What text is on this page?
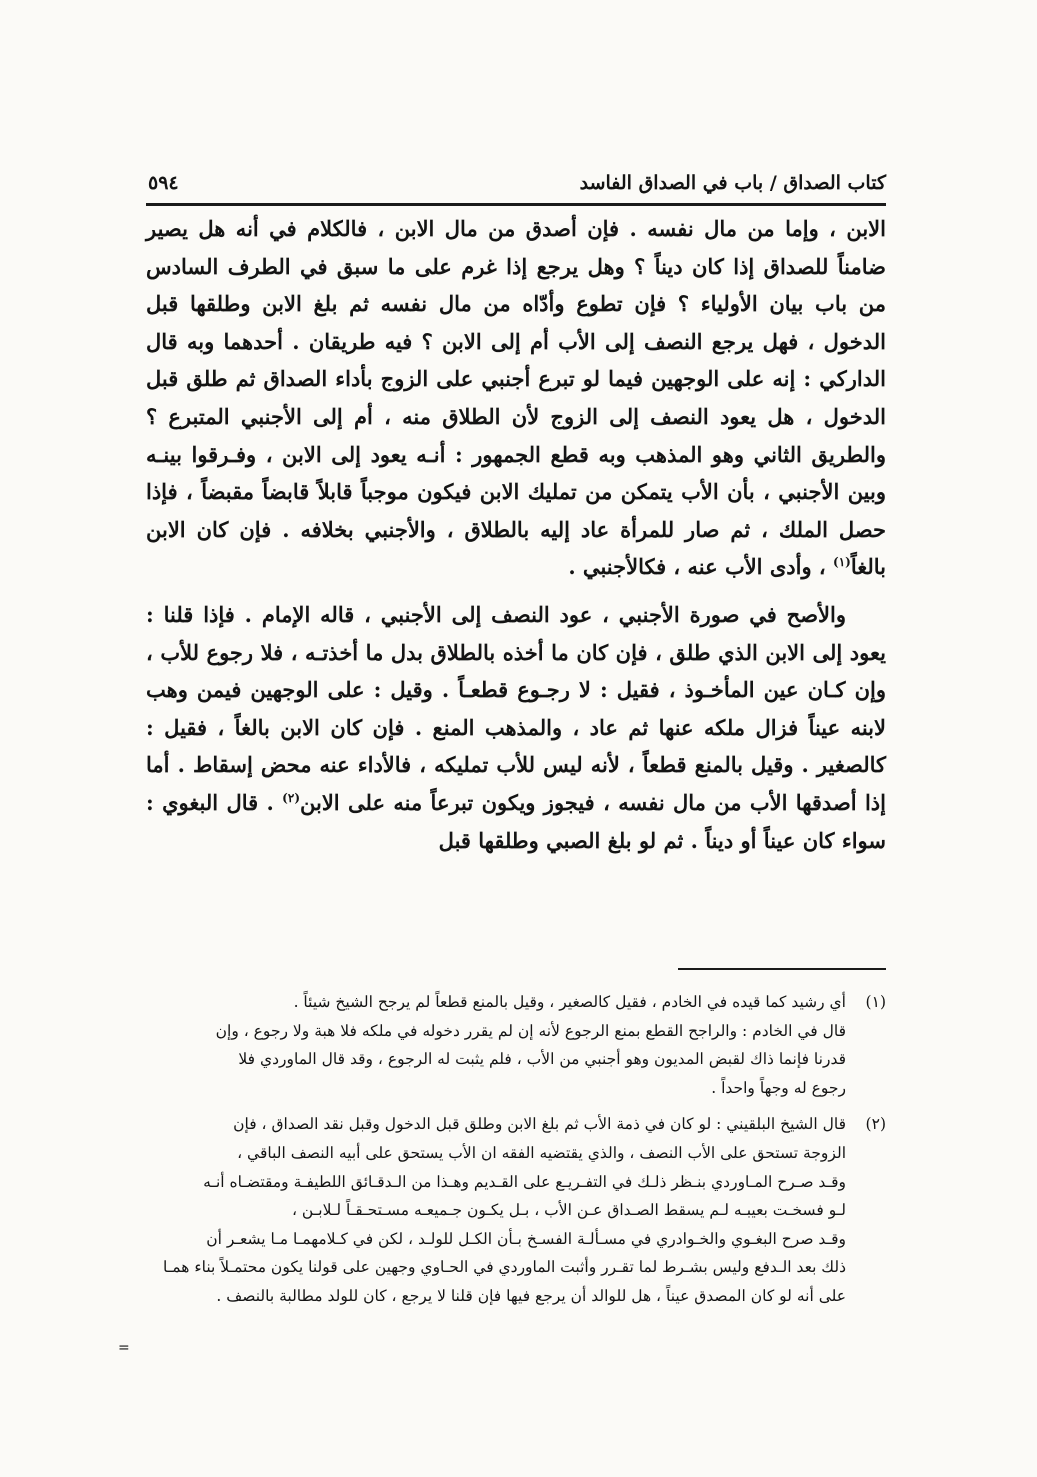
كتاب الصداق / باب في الصداق الفاسد
٥٩٤

الابن ، وإما من مال نفسه . فإن أصدق من مال الابن ، فالكلام في أنه هل يصير ضامناً للصداق إذا كان ديناً ؟ وهل يرجع إذا غرم على ما سبق في الطرف السادس من باب بيان الأولياء ؟ فإن تطوع وأدّاه من مال نفسه ثم بلغ الابن وطلقها قبل الدخول ، فهل يرجع النصف إلى الأب أم إلى الابن ؟ فيه طريقان . أحدهما وبه قال الداركي : إنه على الوجهين فيما لو تبرع أجنبي على الزوج بأداء الصداق ثم طلق قبل الدخول ، هل يعود النصف إلى الزوج لأن الطلاق منه ، أم إلى الأجنبي المتبرع ؟ والطريق الثاني وهو المذهب وبه قطع الجمهور : أنـه يعود إلى الابن ، وفـرقوا بينـه وبين الأجنبي ، بأن الأب يتمكن من تمليك الابن فيكون موجباً قابلاً قابضاً مقبضاً ، فإذا حصل الملك ، ثم صار للمرأة عاد إليه بالطلاق ، والأجنبي بخلافه . فإن كان الابن بالغاً$^{(١)}$ ، وأدى الأب عنه ، فكالأجنبي .

والأصح في صورة الأجنبي ، عود النصف إلى الأجنبي ، قاله الإمام . فإذا قلنا : يعود إلى الابن الذي طلق ، فإن كان ما أخذه بالطلاق بدل ما أخذتـه ، فلا رجوع للأب ، وإن كـان عين المأخـوذ ، فقيل : لا رجـوع قطعـاً . وقيل : على الوجهين فيمن وهب لابنه عيناً فزال ملكه عنها ثم عاد ، والمذهب المنع . فإن كان الابن بالغاً ، فقيل : كالصغير . وقيل بالمنع قطعاً ، لأنه ليس للأب تمليكه ، فالأداء عنه محض إسقاط . أما إذا أصدقها الأب من مال نفسه ، فيجوز ويكون تبرعاً منه على الابن$^{(٢)}$ . قال البغوي : سواء كان عيناً أو ديناً . ثم لو بلغ الصبي وطلقها قبل

(١)
أي رشيد كما قيده في الخادم ، فقيل كالصغير ، وقيل بالمنع قطعاً لم يرجح الشيخ شيئاً .
قال في الخادم : والراجح القطع بمنع الرجوع لأنه إن لم يقرر دخوله في ملكه فلا هبة ولا رجوع ، وإن
قدرنا فإنما ذاك لقبض المديون وهو أجنبي من الأب ، فلم يثبت له الرجوع ، وقد قال الماوردي فلا
رجوع له وجهاً واحداً .
(٢)
قال الشيخ البلقيني : لو كان في ذمة الأب ثم بلغ الابن وطلق قبل الدخول وقبل نقد الصداق ، فإن
الزوجة تستحق على الأب النصف ، والذي يقتضيه الفقه ان الأب يستحق على أبيه النصف الباقي ،
وقـد صـرح المـاوردي بنـظر ذلـك في التفـريـع على القـديم وهـذا من الـدقـائق اللطيفـة ومقتضـاه أنـه
لـو فسخـت بعيبـه لـم يسقط الصـداق عـن الأب ، بـل يكـون جـميعـه مسـتحـقـاً لـلابـن ،
وقـد صرح البغـوي والخـوادري في مسـألـة الفسـخ بـأن الكـل للولـد ، لكن في كـلامهمـا مـا يشعـر أن
ذلك بعد الـدفع وليس بشـرط لما تقـرر وأثبت الماوردي في الحـاوي وجهين على قولنا يكون محتمـلاً بناء همـا
على أنه لو كان المصدق عيناً ، هل للوالد أن يرجع فيها فإن قلنا لا يرجع ، كان للولد مطالبة بالنصف .
=
